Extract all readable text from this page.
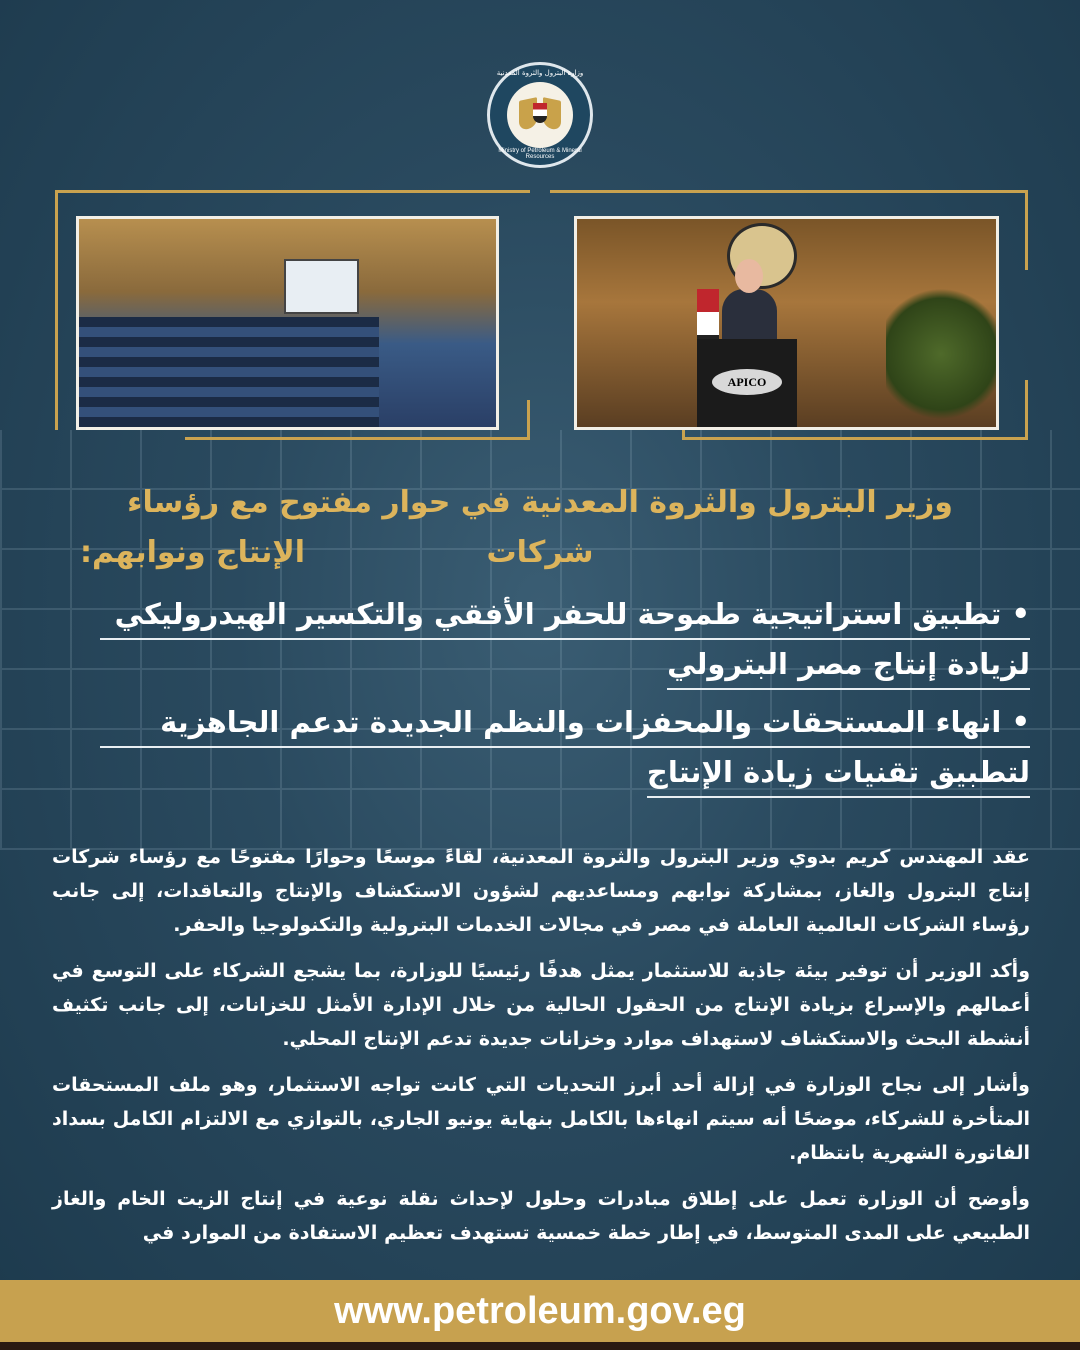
وزارة البترول والثروة المعدنية
Ministry of Petroleum & Mineral Resources
APICO
وزير البترول والثروة المعدنية في حوار مفتوح مع رؤساء شركات
الإنتاج ونوابهم:
• تطبيق استراتيجية طموحة للحفر الأفقي والتكسير الهيدروليكي
لزيادة إنتاج مصر البترولي
• انهاء المستحقات والمحفزات والنظم الجديدة تدعم الجاهزية
لتطبيق تقنيات زيادة الإنتاج

عقد المهندس كريم بدوي وزير البترول والثروة المعدنية، لقاءً موسعًا وحوارًا مفتوحًا مع رؤساء شركات إنتاج البترول والغاز، بمشاركة نوابهم ومساعديهم لشؤون الاستكشاف والإنتاج والتعاقدات، إلى جانب رؤساء الشركات العالمية العاملة في مصر في مجالات الخدمات البترولية والتكنولوجيا والحفر.

وأكد الوزير أن توفير بيئة جاذبة للاستثمار يمثل هدفًا رئيسيًا للوزارة، بما يشجع الشركاء على التوسع في أعمالهم والإسراع بزيادة الإنتاج من الحقول الحالية من خلال الإدارة الأمثل للخزانات، إلى جانب تكثيف أنشطة البحث والاستكشاف لاستهداف موارد وخزانات جديدة تدعم الإنتاج المحلي.

وأشار إلى نجاح الوزارة في إزالة أحد أبرز التحديات التي كانت تواجه الاستثمار، وهو ملف المستحقات المتأخرة للشركاء، موضحًا أنه سيتم انهاءها بالكامل بنهاية يونيو الجاري، بالتوازي مع الالتزام الكامل بسداد الفاتورة الشهرية بانتظام.

وأوضح أن الوزارة تعمل على إطلاق مبادرات وحلول لإحداث نقلة نوعية في إنتاج الزيت الخام والغاز الطبيعي على المدى المتوسط، في إطار خطة خمسية تستهدف تعظيم الاستفادة من الموارد في

www.petroleum.gov.eg
